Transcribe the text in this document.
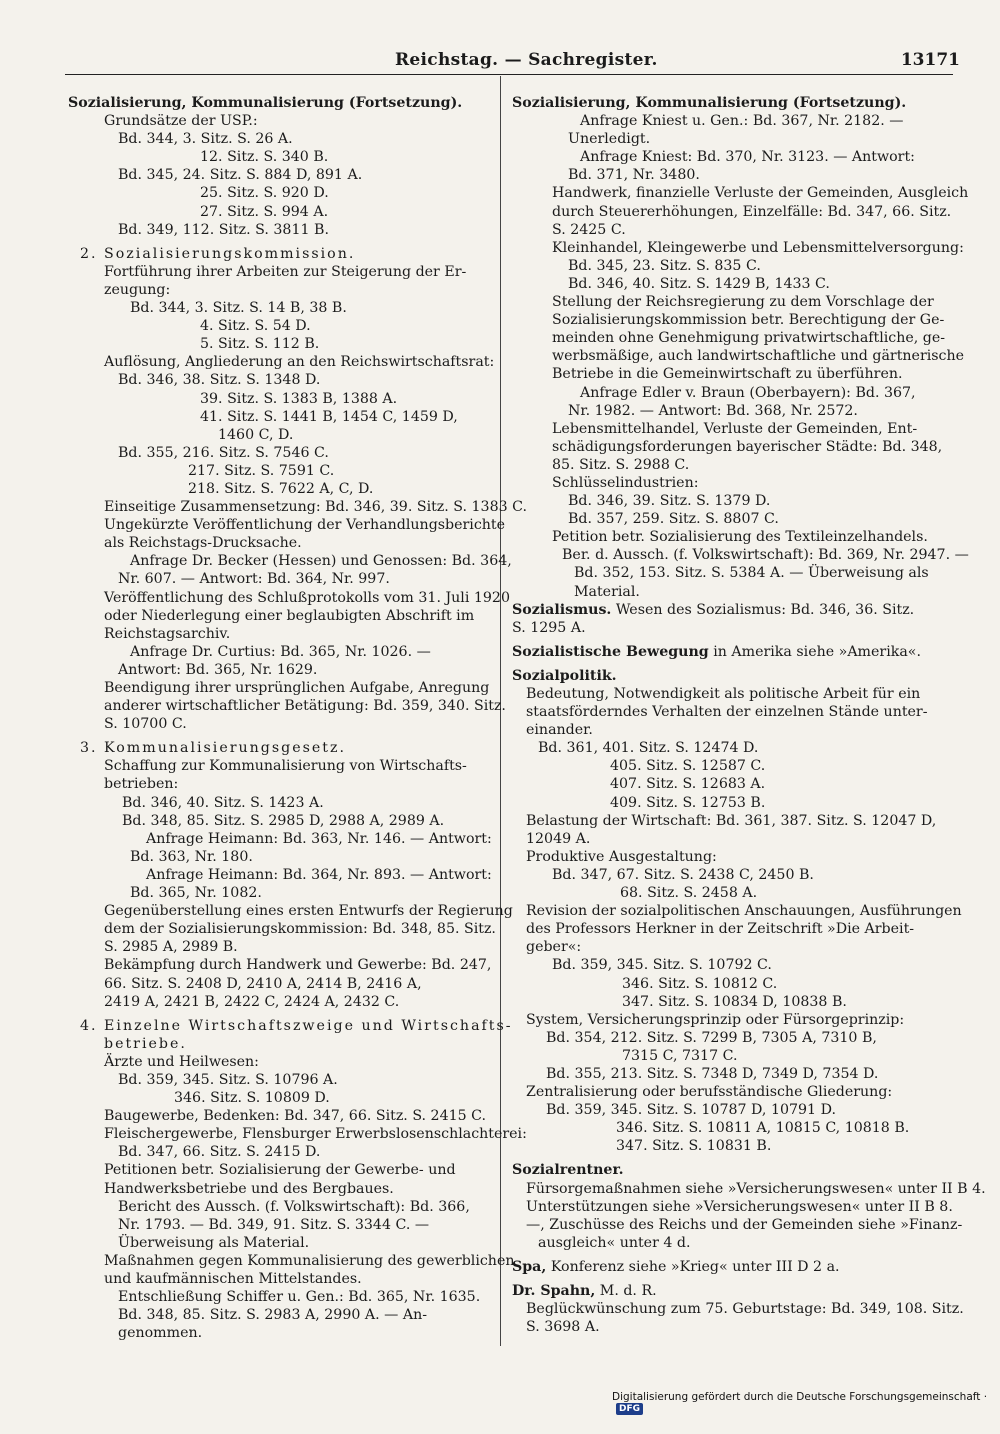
Reichstag. — Sachregister.	13171
Sozialisierung, Kommunalisierung (Fortsetzung).
Grundsätze der USP.:
Bd. 344, 3. Sitz. S. 26 A.
12. Sitz. S. 340 B.
Bd. 345, 24. Sitz. S. 884 D, 891 A.
25. Sitz. S. 920 D.
27. Sitz. S. 994 A.
Bd. 349, 112. Sitz. S. 3811 B.
2. Sozialisierungskommission.
Fortführung ihrer Arbeiten zur Steigerung der Er-
zeugung:
Bd. 344, 3. Sitz. S. 14 B, 38 B.
4. Sitz. S. 54 D.
5. Sitz. S. 112 B.
Auflösung, Angliederung an den Reichswirtschaftsrat:
Bd. 346, 38. Sitz. S. 1348 D.
39. Sitz. S. 1383 B, 1388 A.
41. Sitz. S. 1441 B, 1454 C, 1459 D,
1460 C, D.
Bd. 355, 216. Sitz. S. 7546 C.
217. Sitz. S. 7591 C.
218. Sitz. S. 7622 A, C, D.
Einseitige Zusammensetzung: Bd. 346, 39. Sitz. S. 1383 C.
Ungekürzte Veröffentlichung der Verhandlungsberichte
als Reichstags-Drucksache.
Anfrage Dr. Becker (Hessen) und Genossen: Bd. 364,
Nr. 607. — Antwort: Bd. 364, Nr. 997.
Veröffentlichung des Schlußprotokolls vom 31. Juli 1920
oder Niederlegung einer beglaubigten Abschrift im
Reichstagsarchiv.
Anfrage Dr. Curtius: Bd. 365, Nr. 1026. —
Antwort: Bd. 365, Nr. 1629.
Beendigung ihrer ursprünglichen Aufgabe, Anregung
anderer wirtschaftlicher Betätigung: Bd. 359, 340. Sitz.
S. 10700 C.
3. Kommunalisierungsgesetz.
Schaffung zur Kommunalisierung von Wirtschafts-
betrieben:
Bd. 346, 40. Sitz. S. 1423 A.
Bd. 348, 85. Sitz. S. 2985 D, 2988 A, 2989 A.
Anfrage Heimann: Bd. 363, Nr. 146. — Antwort:
Bd. 363, Nr. 180.
Anfrage Heimann: Bd. 364, Nr. 893. — Antwort:
Bd. 365, Nr. 1082.
Gegenüberstellung eines ersten Entwurfs der Regierung
dem der Sozialisierungskommission: Bd. 348, 85. Sitz.
S. 2985 A, 2989 B.
Bekämpfung durch Handwerk und Gewerbe: Bd. 247,
66. Sitz. S. 2408 D, 2410 A, 2414 B, 2416 A,
2419 A, 2421 B, 2422 C, 2424 A, 2432 C.
4. Einzelne Wirtschaftszweige und Wirtschafts-
betriebe.
Ärzte und Heilwesen:
Bd. 359, 345. Sitz. S. 10796 A.
346. Sitz. S. 10809 D.
Baugewerbe, Bedenken: Bd. 347, 66. Sitz. S. 2415 C.
Fleischergewerbe, Flensburger Erwerbslosenschlachterei:
Bd. 347, 66. Sitz. S. 2415 D.
Petitionen betr. Sozialisierung der Gewerbe- und
Handwerksbetriebe und des Bergbaues.
Bericht des Aussch. (f. Volkswirtschaft): Bd. 366,
Nr. 1793. — Bd. 349, 91. Sitz. S. 3344 C. —
Überweisung als Material.
Maßnahmen gegen Kommunalisierung des gewerblichen
und kaufmännischen Mittelstandes.
Entschließung Schiffer u. Gen.: Bd. 365, Nr. 1635.
Bd. 348, 85. Sitz. S. 2983 A, 2990 A. — An-
genommen.
Sozialisierung, Kommunalisierung (Fortsetzung).
Anfrage Kniest u. Gen.: Bd. 367, Nr. 2182. —
Unerledigt.
Anfrage Kniest: Bd. 370, Nr. 3123. — Antwort:
Bd. 371, Nr. 3480.
Handwerk, finanzielle Verluste der Gemeinden, Ausgleich
durch Steuererhöhungen, Einzelfälle: Bd. 347, 66. Sitz.
S. 2425 C.
Kleinhandel, Kleingewerbe und Lebensmittelversorgung:
Bd. 345, 23. Sitz. S. 835 C.
Bd. 346, 40. Sitz. S. 1429 B, 1433 C.
Stellung der Reichsregierung zu dem Vorschlage der
Sozialisierungskommission betr. Berechtigung der Ge-
meinden ohne Genehmigung privatwirtschaftliche, ge-
werbsmäßige, auch landwirtschaftliche und gärtnerische
Betriebe in die Gemeinwirtschaft zu überführen.
Anfrage Edler v. Braun (Oberbayern): Bd. 367,
Nr. 1982. — Antwort: Bd. 368, Nr. 2572.
Lebensmittelhandel, Verluste der Gemeinden, Ent-
schädigungsforderungen bayerischer Städte: Bd. 348,
85. Sitz. S. 2988 C.
Schlüsselindustrien:
Bd. 346, 39. Sitz. S. 1379 D.
Bd. 357, 259. Sitz. S. 8807 C.
Petition betr. Sozialisierung des Textileinzelhandels.
Ber. d. Aussch. (f. Volkswirtschaft): Bd. 369, Nr. 2947. —
Bd. 352, 153. Sitz. S. 5384 A. — Überweisung als
Material.
Sozialismus. Wesen des Sozialismus: Bd. 346, 36. Sitz.
S. 1295 A.
Sozialistische Bewegung in Amerika siehe »Amerika«.
Sozialpolitik.
Bedeutung, Notwendigkeit als politische Arbeit für ein
staatsförderndes Verhalten der einzelnen Stände unter-
einander.
Bd. 361, 401. Sitz. S. 12474 D.
405. Sitz. S. 12587 C.
407. Sitz. S. 12683 A.
409. Sitz. S. 12753 B.
Belastung der Wirtschaft: Bd. 361, 387. Sitz. S. 12047 D,
12049 A.
Produktive Ausgestaltung:
Bd. 347, 67. Sitz. S. 2438 C, 2450 B.
68. Sitz. S. 2458 A.
Revision der sozialpolitischen Anschauungen, Ausführungen
des Professors Herkner in der Zeitschrift »Die Arbeit-
geber«:
Bd. 359, 345. Sitz. S. 10792 C.
346. Sitz. S. 10812 C.
347. Sitz. S. 10834 D, 10838 B.
System, Versicherungsprinzip oder Fürsorgeprinzip:
Bd. 354, 212. Sitz. S. 7299 B, 7305 A, 7310 B,
7315 C, 7317 C.
Bd. 355, 213. Sitz. S. 7348 D, 7349 D, 7354 D.
Zentralisierung oder berufsständische Gliederung:
Bd. 359, 345. Sitz. S. 10787 D, 10791 D.
346. Sitz. S. 10811 A, 10815 C, 10818 B.
347. Sitz. S. 10831 B.
Sozialrentner.
Fürsorgemaßnahmen siehe »Versicherungswesen« unter II B 4.
Unterstützungen siehe »Versicherungswesen« unter II B 8.
—, Zuschüsse des Reichs und der Gemeinden siehe »Finanz-
ausgleich« unter 4 d.
Spa, Konferenz siehe »Krieg« unter III D 2 a.
Dr. Spahn, M. d. R.
Beglückwünschung zum 75. Geburtstage: Bd. 349, 108. Sitz.
S. 3698 A.
Digitalisierung gefördert durch die Deutsche Forschungsgemeinschaft ·DFG
